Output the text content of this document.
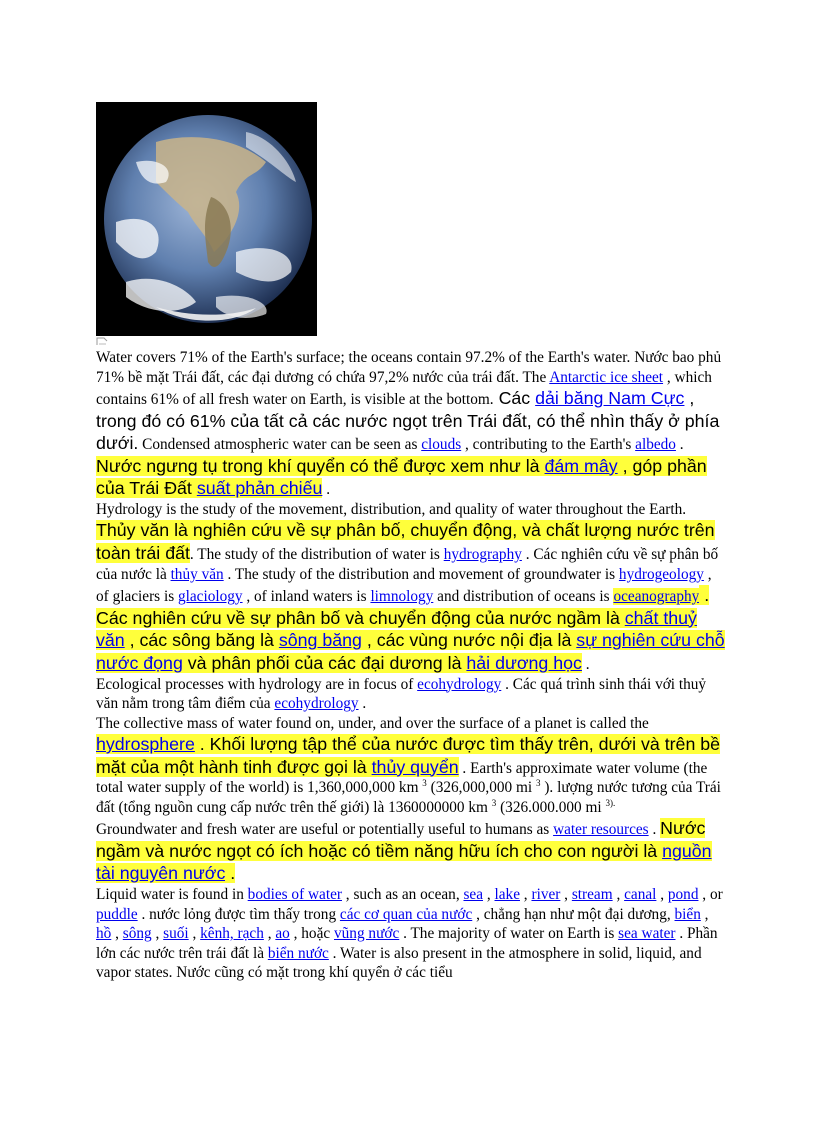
Water covers 71% of the Earth's surface; the oceans contain 97.2% of the Earth's water. Nước bao phủ 71% bề mặt Trái đất, các đại dương có chứa 97,2% nước của trái đất. The Antarctic ice sheet , which contains 61% of all fresh water on Earth, is visible at the bottom. Các dải băng Nam Cực , trong đó có 61% của tất cả các nước ngọt trên Trái đất, có thể nhìn thấy ở phía dưới. Condensed atmospheric water can be seen as clouds , contributing to the Earth's albedo . Nước ngưng tụ trong khí quyển có thể được xem như là đám mây , góp phần của Trái Đất suất phản chiếu .

Hydrology is the study of the movement, distribution, and quality of water throughout the Earth. Thủy văn là nghiên cứu về sự phân bố, chuyển động, và chất lượng nước trên toàn trái đất. The study of the distribution of water is hydrography . Các nghiên cứu về sự phân bố của nước là thủy văn . The study of the distribution and movement of groundwater is hydrogeology , of glaciers is glaciology , of inland waters is limnology and distribution of oceans is oceanography . Các nghiên cứu về sự phân bố và chuyển động của nước ngầm là chất thuỷ văn , các sông băng là sông băng , các vùng nước nội địa là sự nghiên cứu chỗ nước đọng và phân phối của các đại dương là hải dương học .

Ecological processes with hydrology are in focus of ecohydrology . Các quá trình sinh thái với thuỷ văn nằm trong tâm điểm của ecohydrology .

The collective mass of water found on, under, and over the surface of a planet is called the hydrosphere . Khối lượng tập thể của nước được tìm thấy trên, dưới và trên bề mặt của một hành tinh được gọi là thủy quyển . Earth's approximate water volume (the total water supply of the world) is 1,360,000,000 km $^3$ (326,000,000 mi $^3$ ). lượng nước tương của Trái đất (tổng nguồn cung cấp nước trên thế giới) là 1360000000 km $^3$ (326.000.000 mi $^{3).}$

Groundwater and fresh water are useful or potentially useful to humans as water resources . Nước ngầm và nước ngọt có ích hoặc có tiềm năng hữu ích cho con người là nguồn tài nguyên nước .

Liquid water is found in bodies of water , such as an ocean, sea , lake , river , stream , canal , pond , or puddle . nước lỏng được tìm thấy trong các cơ quan của nước , chẳng hạn như một đại dương, biển , hồ , sông , suối , kênh, rạch , ao , hoặc vũng nước . The majority of water on Earth is sea water . Phần lớn các nước trên trái đất là biển nước . Water is also present in the atmosphere in solid, liquid, and vapor states. Nước cũng có mặt trong khí quyển ở các tiểu
